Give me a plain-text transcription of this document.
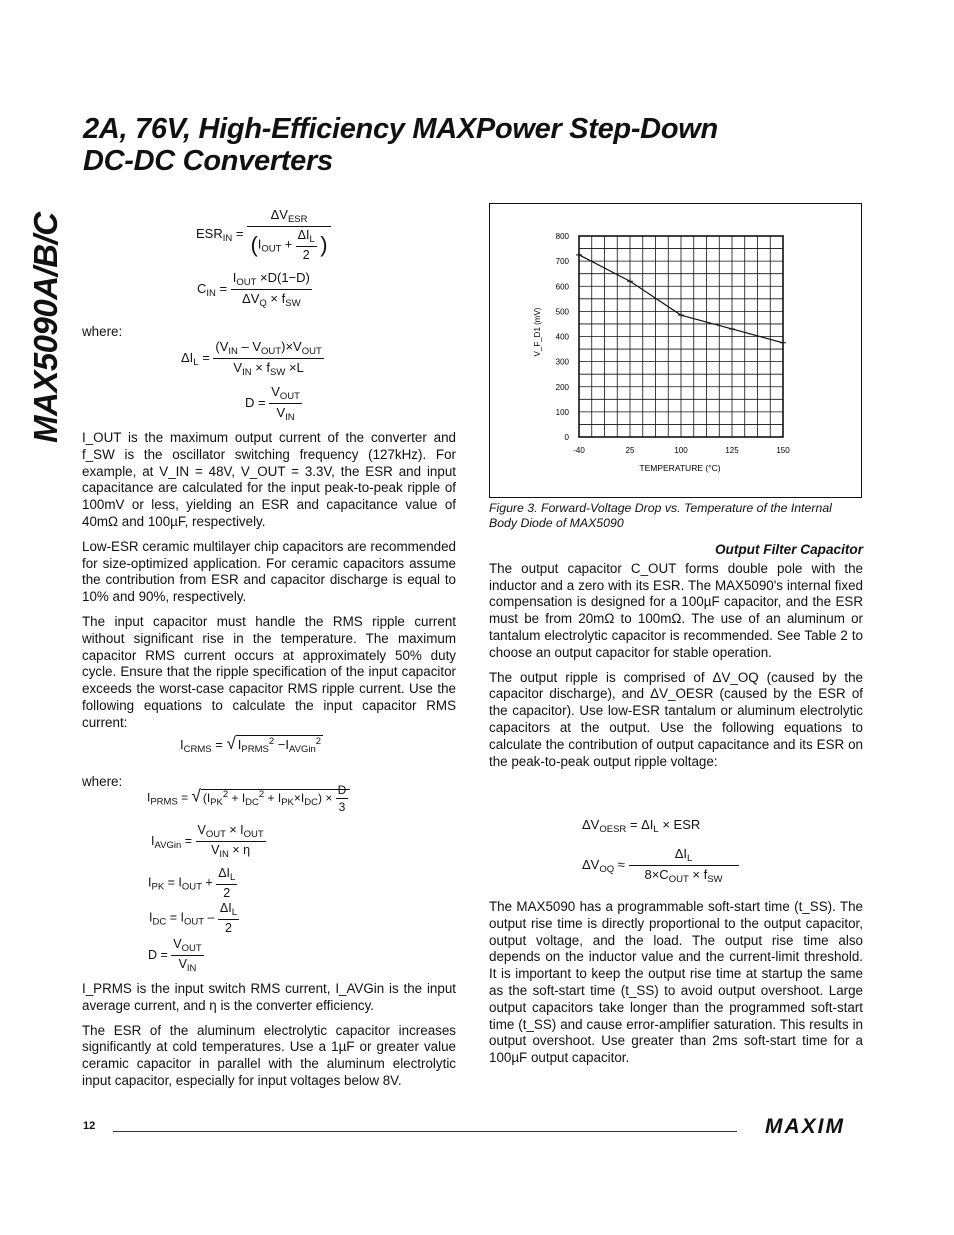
MAX5090A/B/C
2A, 76V, High-Efficiency MAXPower Step-Down
DC-DC Converters
$ESR_{IN} = \frac{\Delta V_{ESR}}{(I_{OUT} + \frac{\Delta I_L}{2} )}$
$C_{IN} = \frac{I_{OUT} \times D(1-D)}{\Delta V_Q \times f_{SW}}$
where:
$\Delta I_L = \frac{(V_{IN} - V_{OUT})\times V_{OUT}}{V_{IN} \times f_{SW} \times L}$
$D = \frac{V_{OUT}}{V_{IN}}$

I_OUT is the maximum output current of the converter and f_SW is the oscillator switching frequency (127kHz). For example, at V_IN = 48V, V_OUT = 3.3V, the ESR and input capacitance are calculated for the input peak-to-peak ripple of 100mV or less, yielding an ESR and capacitance value of 40mΩ and 100µF, respectively.

Low-ESR ceramic multilayer chip capacitors are recommended for size-optimized application. For ceramic capacitors assume the contribution from ESR and capacitor discharge is equal to 10% and 90%, respectively.

The input capacitor must handle the RMS ripple current without significant rise in the temperature. The maximum capacitor RMS current occurs at approximately 50% duty cycle. Ensure that the ripple specification of the input capacitor exceeds the worst-case capacitor RMS ripple current. Use the following equations to calculate the input capacitor RMS current:

$I_{CRMS}$ = √ $I_{PRMS}^2 -I_{AVGin}^2$
where:
$I_{PRMS}$ = √ $(I_{PK}^2 + I_{DC}^2 + I_{PK}\times I_{DC}) \times \frac{D}{3}$
$I_{AVGin} = \frac{V_{OUT} \times I_{OUT}}{V_{IN} \times \eta}$
$I_{PK} = I_{OUT} + \frac{\Delta I_L}{2}$
$I_{DC} = I_{OUT} - \frac{\Delta I_L}{2}$
$D = \frac{V_{OUT}}{V_{IN}}$

I_PRMS is the input switch RMS current, I_AVGin is the input average current, and η is the converter efficiency.

The ESR of the aluminum electrolytic capacitor increases significantly at cold temperatures. Use a 1µF or greater value ceramic capacitor in parallel with the aluminum electrolytic input capacitor, especially for input voltages below 8V.

0
100
200
300
400
500
600
700
800
-40	25	100	125	150
TEMPERATURE (°C)
V_F_D1 (mV)
Figure 3. Forward-Voltage Drop vs. Temperature of the Internal Body Diode of MAX5090
Output Filter Capacitor

The output capacitor C_OUT forms double pole with the inductor and a zero with its ESR. The MAX5090's internal fixed compensation is designed for a 100µF capacitor, and the ESR must be from 20mΩ to 100mΩ. The use of an aluminum or tantalum electrolytic capacitor is recommended. See Table 2 to choose an output capacitor for stable operation.

The output ripple is comprised of ΔV_OQ (caused by the capacitor discharge), and ΔV_OESR (caused by the ESR of the capacitor). Use low-ESR tantalum or aluminum electrolytic capacitors at the output. Use the following equations to calculate the contribution of output capacitance and its ESR on the peak-to-peak output ripple voltage:

$\Delta V_{OESR} = \Delta I_L$ × ESR
$\Delta V_{OQ} \approx \frac{\Delta I_L}{8\times C_{OUT} \times f_{SW}}$

The MAX5090 has a programmable soft-start time (t_SS). The output rise time is directly proportional to the output capacitor, output voltage, and the load. The output rise time also depends on the inductor value and the current-limit threshold. It is important to keep the output rise time at startup the same as the soft-start time (t_SS) to avoid output overshoot. Large output capacitors take longer than the programmed soft-start time (t_SS) and cause error-amplifier saturation. This results in output overshoot. Use greater than 2ms soft-start time for a 100µF output capacitor.

12	MAXIM
